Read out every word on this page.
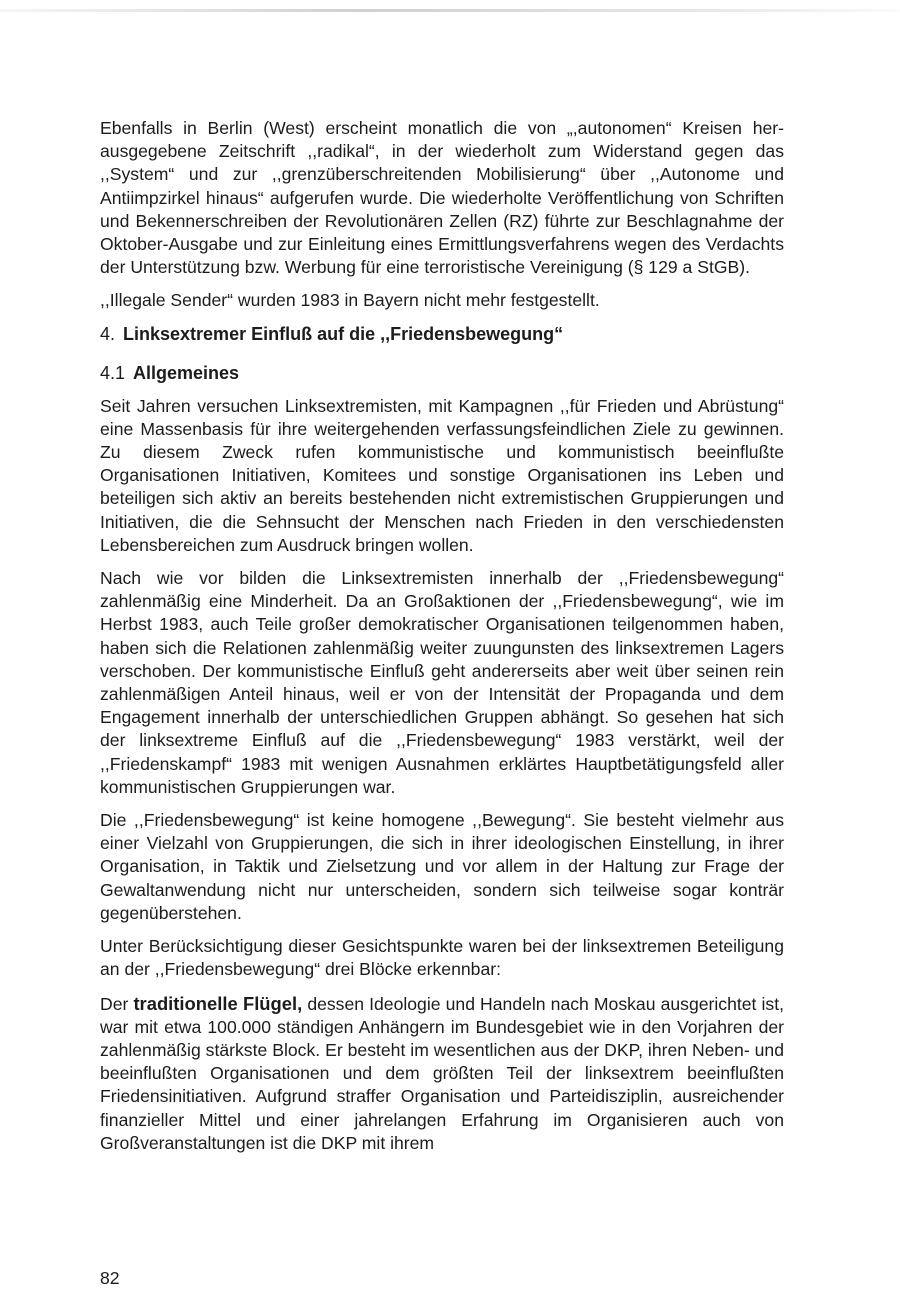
Ebenfalls in Berlin (West) erscheint monatlich die von „,autonomen“ Kreisen herausgegebene Zeitschrift ,,radikal“, in der wiederholt zum Widerstand gegen das ,,System“ und zur ,,grenzüberschreitenden Mobilisierung“ über ,,Autonome und Antiimpzirkel hinaus“ aufgerufen wurde. Die wiederholte Veröffentlichung von Schriften und Bekennerschreiben der Revolutionären Zellen (RZ) führte zur Beschlagnahme der Oktober-Ausgabe und zur Einleitung eines Ermittlungsverfahrens wegen des Verdachts der Unterstützung bzw. Werbung für eine terroristische Vereinigung (§ 129 a StGB).

,,Illegale Sender“ wurden 1983 in Bayern nicht mehr festgestellt.

4. Linksextremer Einfluß auf die ,,Friedensbewegung“
4.1 Allgemeines

Seit Jahren versuchen Linksextremisten, mit Kampagnen ,,für Frieden und Abrüstung“ eine Massenbasis für ihre weitergehenden verfassungsfeindlichen Ziele zu gewinnen. Zu diesem Zweck rufen kommunistische und kommunistisch beeinflußte Organisationen Initiativen, Komitees und sonstige Organisationen ins Leben und beteiligen sich aktiv an bereits bestehenden nicht extremistischen Gruppierungen und Initiativen, die die Sehnsucht der Menschen nach Frieden in den verschiedensten Lebensbereichen zum Ausdruck bringen wollen.

Nach wie vor bilden die Linksextremisten innerhalb der ,,Friedensbewegung“ zahlenmäßig eine Minderheit. Da an Großaktionen der ,,Friedensbewegung“, wie im Herbst 1983, auch Teile großer demokratischer Organisationen teilgenommen haben, haben sich die Relationen zahlenmäßig weiter zuungunsten des linksextremen Lagers verschoben. Der kommunistische Einfluß geht andererseits aber weit über seinen rein zahlenmäßigen Anteil hinaus, weil er von der Intensität der Propaganda und dem Engagement innerhalb der unterschiedlichen Gruppen abhängt. So gesehen hat sich der linksextreme Einfluß auf die ,,Friedensbewegung“ 1983 verstärkt, weil der ,,Friedenskampf“ 1983 mit wenigen Ausnahmen erklärtes Hauptbetätigungsfeld aller kommunistischen Gruppierungen war.

Die ,,Friedensbewegung“ ist keine homogene ,,Bewegung“. Sie besteht vielmehr aus einer Vielzahl von Gruppierungen, die sich in ihrer ideologischen Einstellung, in ihrer Organisation, in Taktik und Zielsetzung und vor allem in der Haltung zur Frage der Gewaltanwendung nicht nur unterscheiden, sondern sich teilweise sogar konträr gegenüberstehen.

Unter Berücksichtigung dieser Gesichtspunkte waren bei der linksextremen Beteiligung an der ,,Friedensbewegung“ drei Blöcke erkennbar:

Der traditionelle Flügel, dessen Ideologie und Handeln nach Moskau ausgerichtet ist, war mit etwa 100.000 ständigen Anhängern im Bundesgebiet wie in den Vorjahren der zahlenmäßig stärkste Block. Er besteht im wesentlichen aus der DKP, ihren Neben- und beeinflußten Organisationen und dem größten Teil der linksextrem beeinflußten Friedensinitiativen. Aufgrund straffer Organisation und Parteidisziplin, ausreichender finanzieller Mittel und einer jahrelangen Erfahrung im Organisieren auch von Großveranstaltungen ist die DKP mit ihrem

82
